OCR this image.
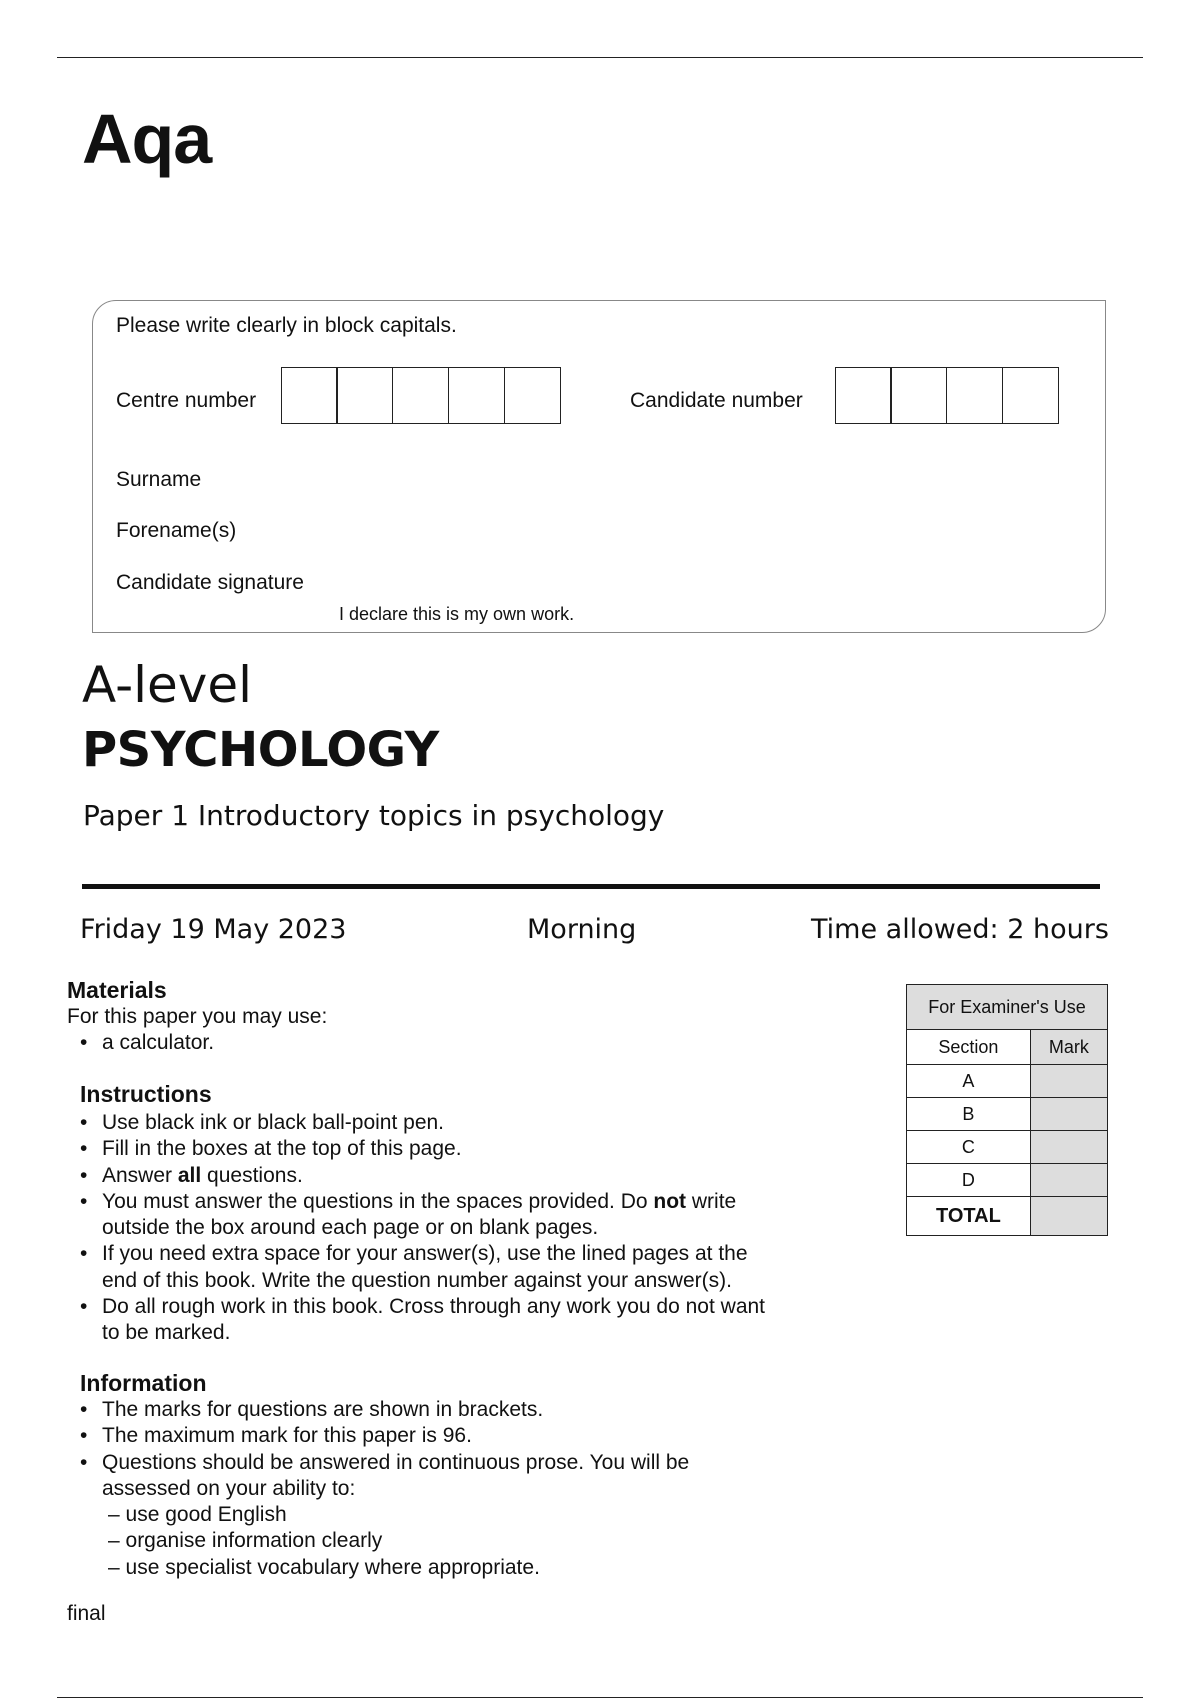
Aqa
Please write clearly in block capitals.
Centre number	Candidate number
Surname
Forename(s)
Candidate signature
I declare this is my own work.
A-level
PSYCHOLOGY
Paper 1 Introductory topics in psychology
Friday 19 May 2023	Morning	Time allowed: 2 hours
Materials
For this paper you may use:
• a calculator.
Instructions
• Use black ink or black ball-point pen.
• Fill in the boxes at the top of this page.
• Answer all questions.
• You must answer the questions in the spaces provided. Do not write
outside the box around each page or on blank pages.
• If you need extra space for your answer(s), use the lined pages at the
end of this book. Write the question number against your answer(s).
• Do all rough work in this book. Cross through any work you do not want
to be marked.
Information
• The marks for questions are shown in brackets.
• The maximum mark for this paper is 96.
• Questions should be answered in continuous prose. You will be
assessed on your ability to:
– use good English
– organise information clearly
– use specialist vocabulary where appropriate.
For Examiner's Use	
Section	Mark
A	
B	
C	
D	
TOTAL	
final
